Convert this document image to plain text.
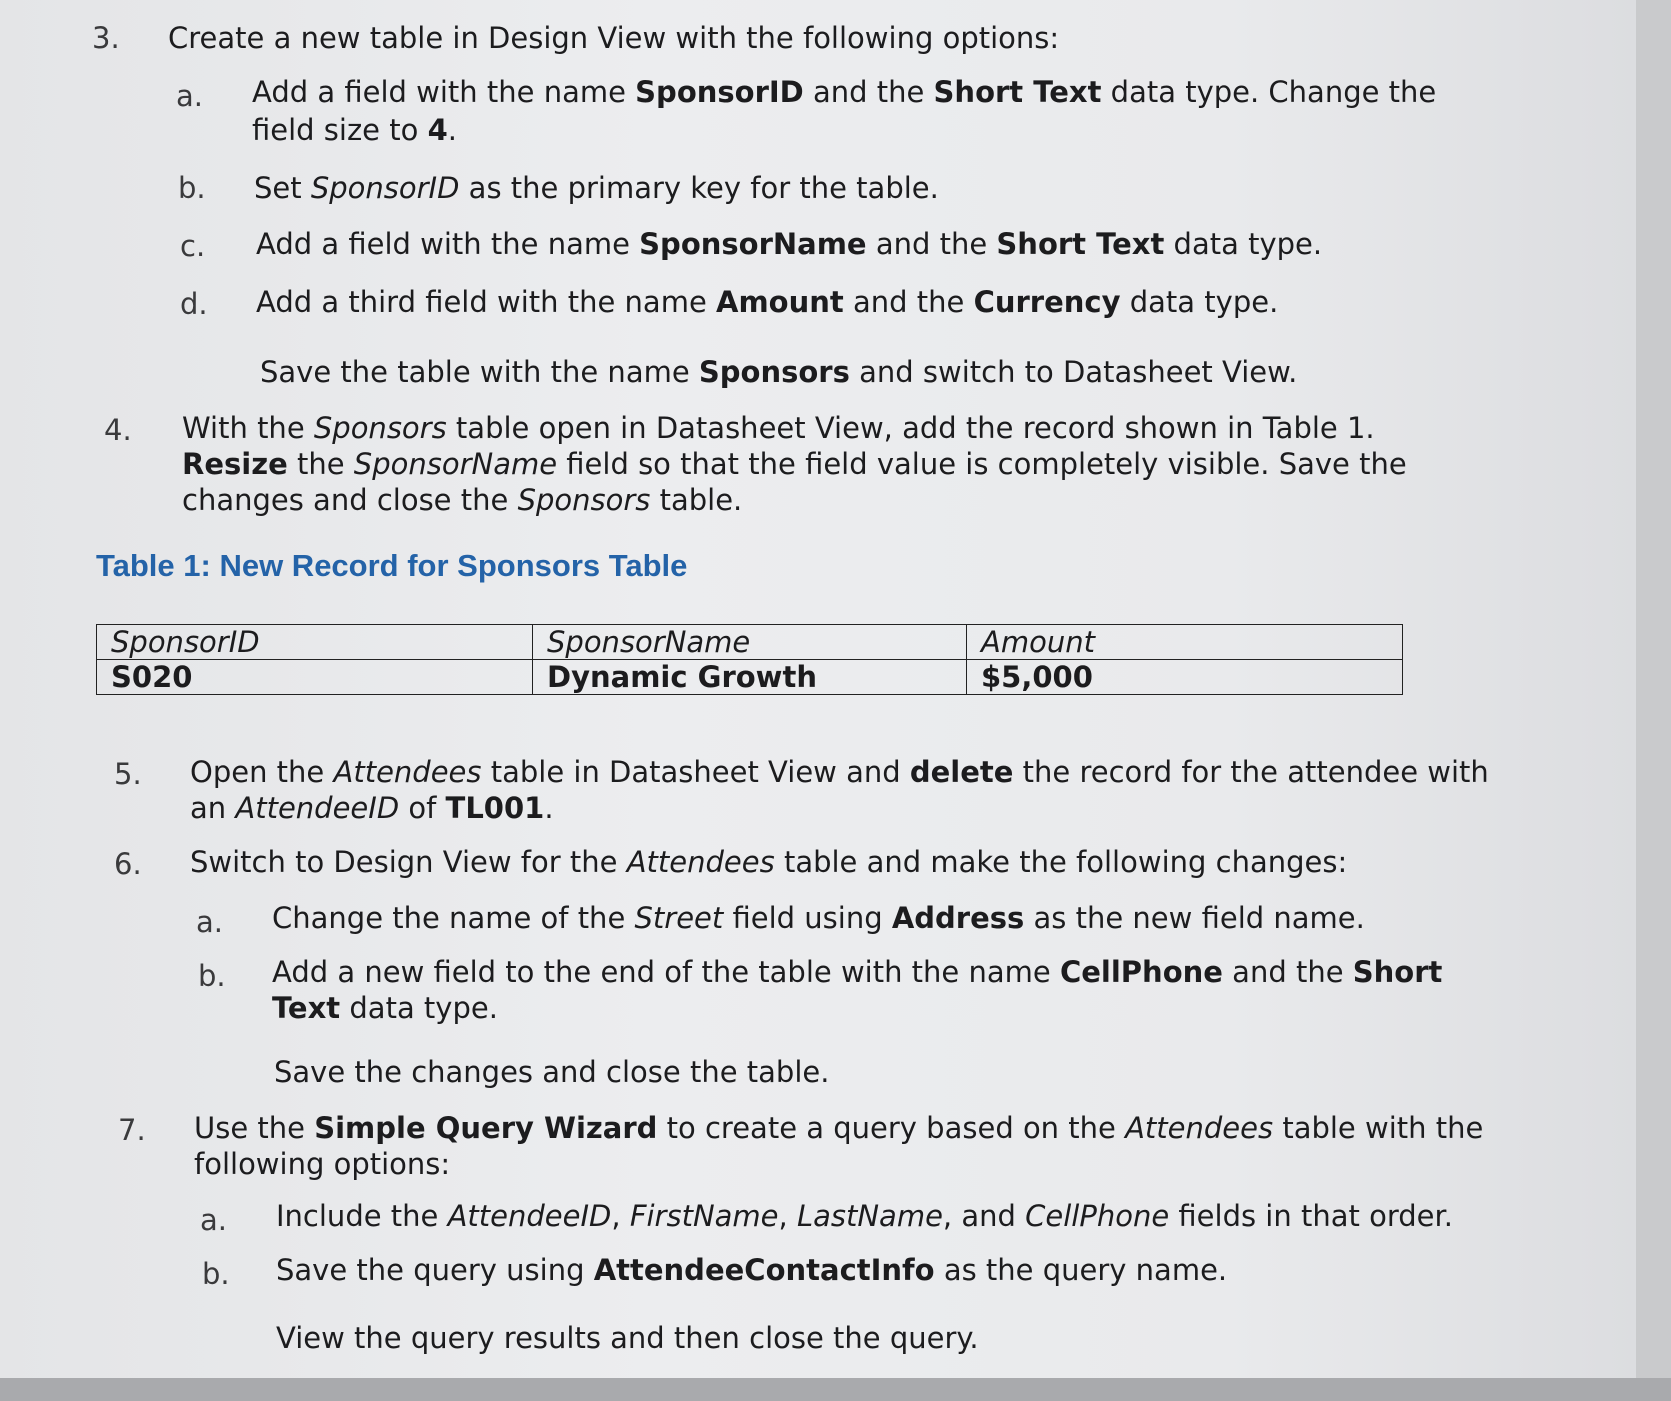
3. Create a new table in Design View with the following options:
a. Add a field with the name SponsorID and the Short Text data type. Change the
field size to 4.
b. Set SponsorID as the primary key for the table.
c. Add a field with the name SponsorName and the Short Text data type.
d. Add a third field with the name Amount and the Currency data type.
Save the table with the name Sponsors and switch to Datasheet View.
4. With the Sponsors table open in Datasheet View, add the record shown in Table 1.
Resize the SponsorName field so that the field value is completely visible. Save the
changes and close the Sponsors table.
Table 1: New Record for Sponsors Table
SponsorID	SponsorName	Amount
S020	Dynamic Growth	$5,000
5. Open the Attendees table in Datasheet View and delete the record for the attendee with
an AttendeeID of TL001.
6. Switch to Design View for the Attendees table and make the following changes:
a. Change the name of the Street field using Address as the new field name.
b. Add a new field to the end of the table with the name CellPhone and the Short
Text data type.
Save the changes and close the table.
7. Use the Simple Query Wizard to create a query based on the Attendees table with the
following options:
a. Include the AttendeeID, FirstName, LastName, and CellPhone fields in that order.
b. Save the query using AttendeeContactInfo as the query name.
View the query results and then close the query.
